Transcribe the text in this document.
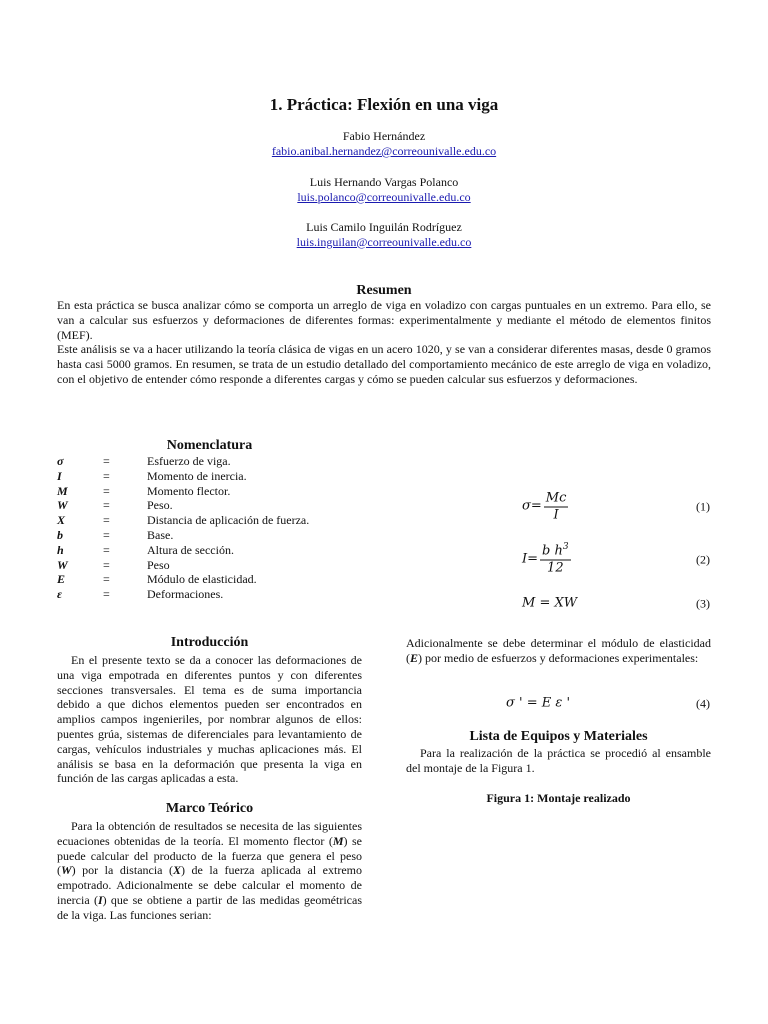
1. Práctica: Flexión en una viga
Fabio Hernández
fabio.anibal.hernandez@correounivalle.edu.co
Luis Hernando Vargas Polanco
luis.polanco@correounivalle.edu.co
Luis Camilo Inguilán Rodríguez
luis.inguilan@correounivalle.edu.co
Resumen

En esta práctica se busca analizar cómo se comporta un arreglo de viga en voladizo con cargas puntuales en un extremo. Para ello, se van a calcular sus esfuerzos y deformaciones de diferentes formas: experimentalmente y mediante el método de elementos finitos (MEF).

Este análisis se va a hacer utilizando la teoría clásica de vigas en un acero 1020, y se van a considerar diferentes masas, desde 0 gramos hasta casi 5000 gramos. En resumen, se trata de un estudio detallado del comportamiento mecánico de este arreglo de viga en voladizo, con el objetivo de entender cómo responde a diferentes cargas y cómo se pueden calcular sus esfuerzos y deformaciones.

Nomenclatura
σ	=	Esfuerzo de viga.
I	=	Momento de inercia.
M	=	Momento flector.
W	=	Peso.
X	=	Distancia de aplicación de fuerza.
b	=	Base.
h	=	Altura de sección.
W	=	Peso
E	=	Módulo de elasticidad.
ε	=	Deformaciones.
$\sigma = \frac{Mc}{I}$	(1)
$I = \frac{b h^3}{12}$	(2)
M = XW	(3)
Introducción
En el presente texto se da a conocer las deformaciones de una viga empotrada en diferentes puntos y con diferentes secciones transversales. El tema es de suma importancia debido a que dichos elementos pueden ser encontrados en amplios campos ingenieriles, por nombrar algunos de ellos: puentes grúa, sistemas de diferenciales para levantamiento de cargas, vehículos industriales y muchas aplicaciones más. El análisis se basa en la deformación que presenta la viga en función de las cargas aplicadas a esta.
Marco Teórico
Para la obtención de resultados se necesita de las siguientes ecuaciones obtenidas de la teoría. El momento flector (M) se puede calcular del producto de la fuerza que genera el peso (W) por la distancia (X) de la fuerza aplicada al extremo empotrado. Adicionalmente se debe calcular el momento de inercia (I) que se obtiene a partir de las medidas geométricas de la viga. Las funciones serian:
Adicionalmente se debe determinar el módulo de elasticidad (E) por medio de esfuerzos y deformaciones experimentales:
σ ' = E ε '	(4)
Lista de Equipos y Materiales
Para la realización de la práctica se procedió al ensamble del montaje de la Figura 1.
Figura 1: Montaje realizado
